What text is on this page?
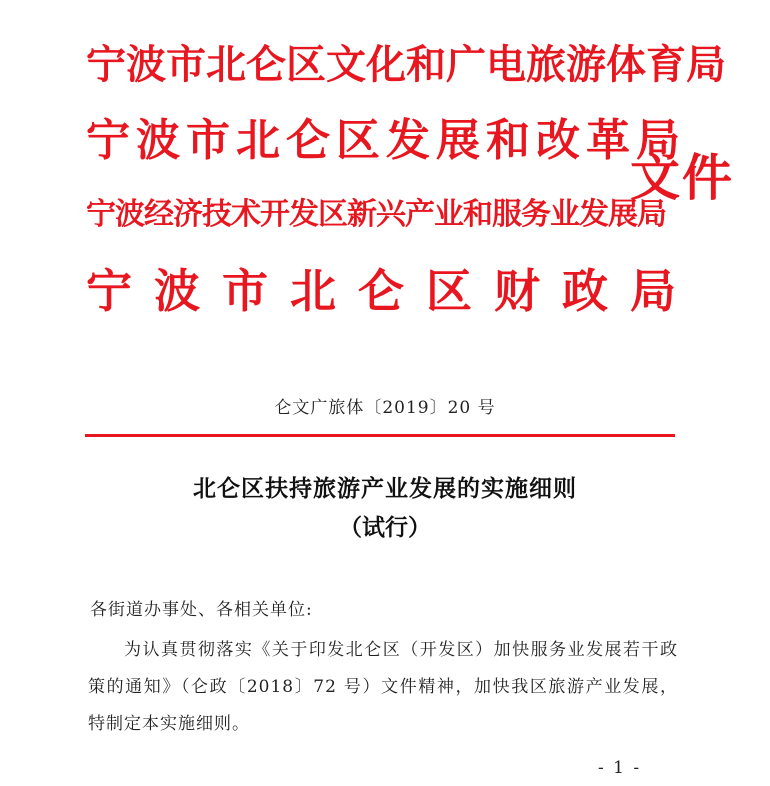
宁波市北仑区文化和广电旅游体育局
宁波市北仑区发展和改革局
宁波经济技术开发区新兴产业和服务业发展局
宁波市北仑区财政局
文件
仑文广旅体〔2019〕20 号
北仑区扶持旅游产业发展的实施细则
（试行）
各街道办事处、各相关单位:
为认真贯彻落实《关于印发北仑区（开发区）加快服务业发展若干政策的通知》（仑政〔2018〕72 号）文件精神，加快我区旅游产业发展，特制定本实施细则。
- 1 -
